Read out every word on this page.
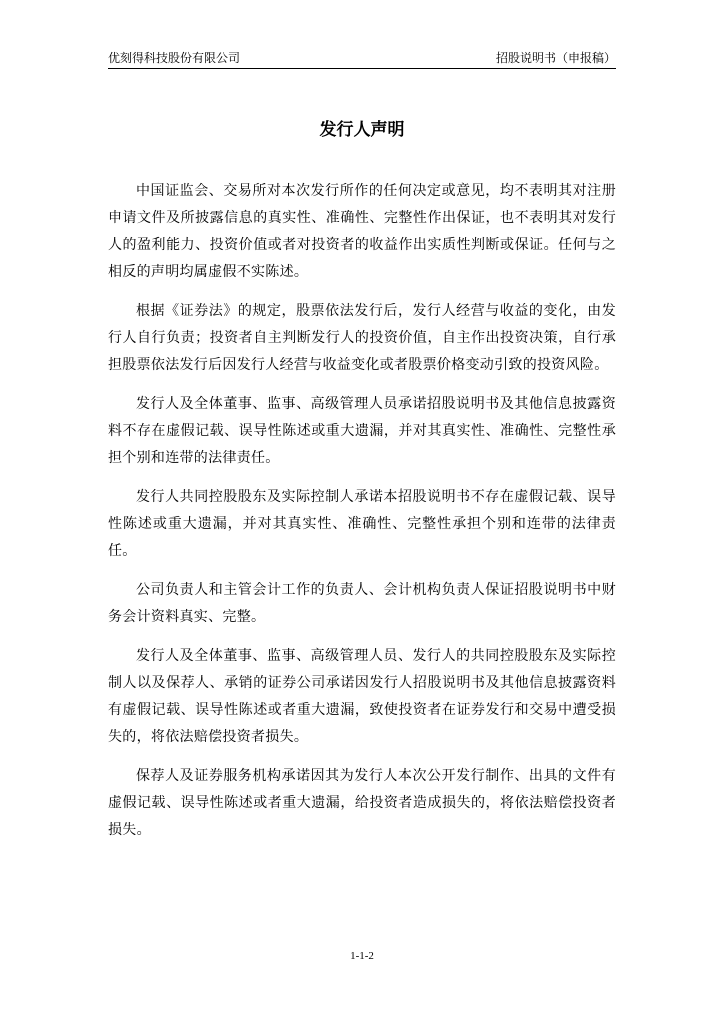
优刻得科技股份有限公司	招股说明书（申报稿）
发行人声明

中国证监会、交易所对本次发行所作的任何决定或意见，均不表明其对注册申请文件及所披露信息的真实性、准确性、完整性作出保证，也不表明其对发行人的盈利能力、投资价值或者对投资者的收益作出实质性判断或保证。任何与之相反的声明均属虚假不实陈述。

根据《证券法》的规定，股票依法发行后，发行人经营与收益的变化，由发行人自行负责；投资者自主判断发行人的投资价值，自主作出投资决策，自行承担股票依法发行后因发行人经营与收益变化或者股票价格变动引致的投资风险。

发行人及全体董事、监事、高级管理人员承诺招股说明书及其他信息披露资料不存在虚假记载、误导性陈述或重大遗漏，并对其真实性、准确性、完整性承担个别和连带的法律责任。

发行人共同控股股东及实际控制人承诺本招股说明书不存在虚假记载、误导性陈述或重大遗漏，并对其真实性、准确性、完整性承担个别和连带的法律责任。

公司负责人和主管会计工作的负责人、会计机构负责人保证招股说明书中财务会计资料真实、完整。

发行人及全体董事、监事、高级管理人员、发行人的共同控股股东及实际控制人以及保荐人、承销的证券公司承诺因发行人招股说明书及其他信息披露资料有虚假记载、误导性陈述或者重大遗漏，致使投资者在证券发行和交易中遭受损失的，将依法赔偿投资者损失。

保荐人及证券服务机构承诺因其为发行人本次公开发行制作、出具的文件有虚假记载、误导性陈述或者重大遗漏，给投资者造成损失的，将依法赔偿投资者损失。

1-1-2
